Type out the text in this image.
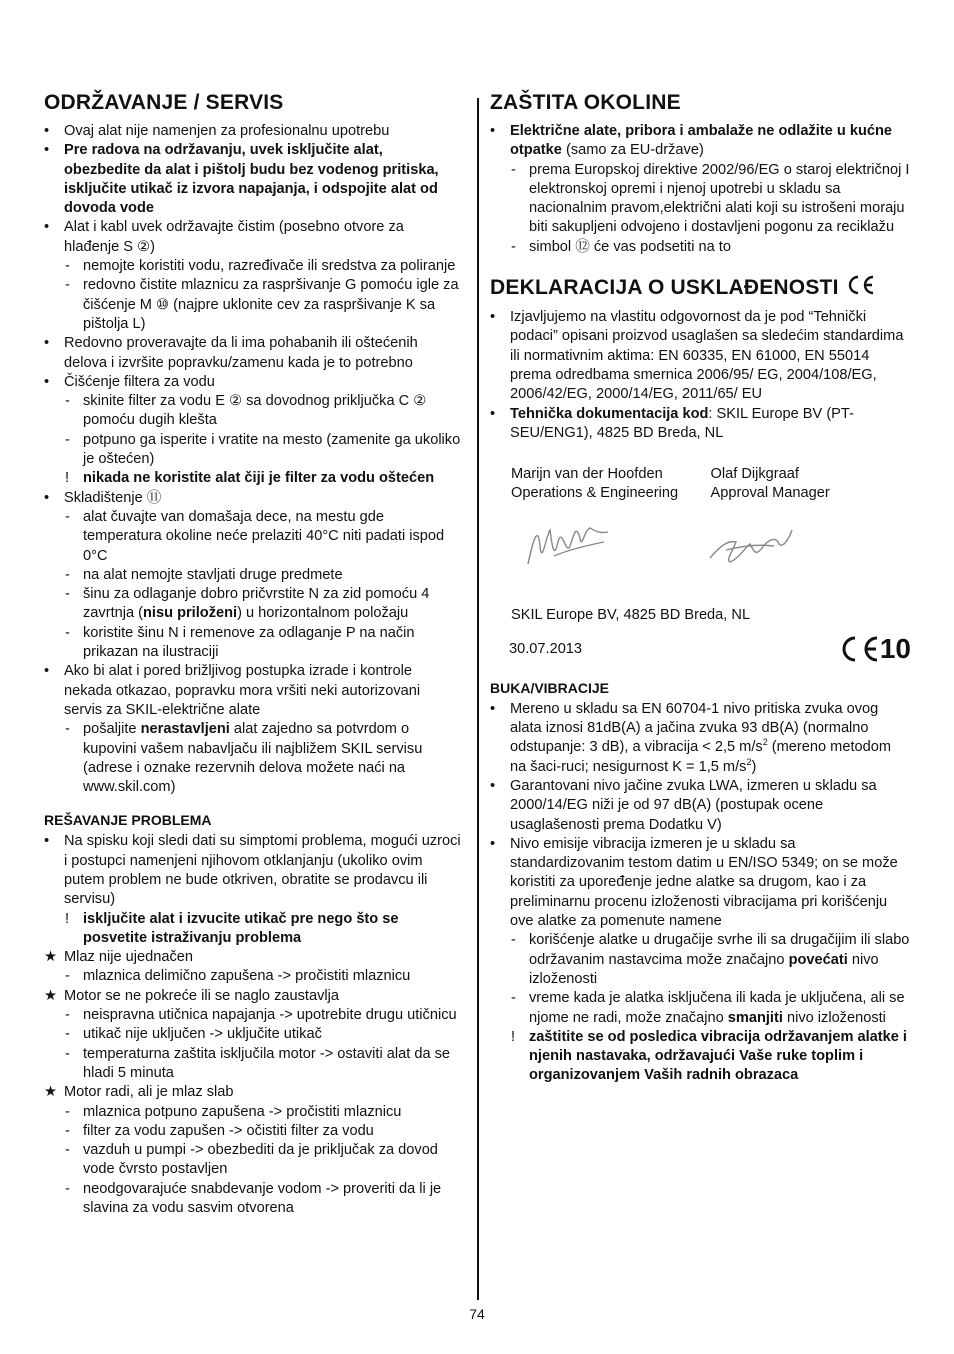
ODRŽAVANJE / SERVIS
• Ovaj alat nije namenjen za profesionalnu upotrebu
• Pre radova na održavanju, uvek isključite alat, obezbedite da alat i pištolj budu bez vodenog pritiska, isključite utikač iz izvora napajanja, i odspojite alat od dovoda vode
• Alat i kabl uvek održavajte čistim (posebno otvore za hlađenje S ②)
- nemojte koristiti vodu, razređivače ili sredstva za poliranje
- redovno čistite mlaznicu za raspršivanje G pomoću igle za čišćenje M ⑩ (najpre uklonite cev za raspršivanje K sa pištolja L)
• Redovno proveravajte da li ima pohabanih ili oštećenih delova i izvršite popravku/zamenu kada je to potrebno
• Čišćenje filtera za vodu
- skinite filter za vodu E ② sa dovodnog priključka C ② pomoću dugih klešta
- potpuno ga isperite i vratite na mesto (zamenite ga ukoliko je oštećen)
! nikada ne koristite alat čiji je filter za vodu oštećen
• Skladištenje ⑪
- alat čuvajte van domašaja dece, na mestu gde temperatura okoline neće prelaziti 40°C niti padati ispod 0°C
- na alat nemojte stavljati druge predmete
- šinu za odlaganje dobro pričvrstite N za zid pomoću 4 zavrtnja (nisu priloženi) u horizontalnom položaju
- koristite šinu N i remenove za odlaganje P na način prikazan na ilustraciji
• Ako bi alat i pored brižljivog postupka izrade i kontrole nekada otkazao, popravku mora vršiti neki autorizovani servis za SKIL-električne alate
- pošaljite nerastavljeni alat zajedno sa potvrdom o kupovini vašem nabavljaču ili najbližem SKIL servisu (adrese i oznake rezervnih delova možete naći na www.skil.com)
REŠAVANJE PROBLEMA
• Na spisku koji sledi dati su simptomi problema, mogući uzroci i postupci namenjeni njihovom otklanjanju (ukoliko ovim putem problem ne bude otkriven, obratite se prodavcu ili servisu)
! isključite alat i izvucite utikač pre nego što se posvetite istraživanju problema
★ Mlaz nije ujednačen
- mlaznica delimično zapušena -> pročistiti mlaznicu
★ Motor se ne pokreće ili se naglo zaustavlja
- neispravna utičnica napajanja -> upotrebite drugu utičnicu
- utikač nije uključen -> uključite utikač
- temperaturna zaštita isključila motor -> ostaviti alat da se hladi 5 minuta
★ Motor radi, ali je mlaz slab
- mlaznica potpuno zapušena -> pročistiti mlaznicu
- filter za vodu zapušen -> očistiti filter za vodu
- vazduh u pumpi -> obezbediti da je priključak za dovod vode čvrsto postavljen
- neodgovarajuće snabdevanje vodom -> proveriti da li je slavina za vodu sasvim otvorena
ZAŠTITA OKOLINE
• Električne alate, pribora i ambalaže ne odlažite u kućne otpatke (samo za EU-države)
- prema Europskoj direktive 2002/96/EG o staroj električnoj I elektronskoj opremi i njenoj upotrebi u skladu sa nacionalnim pravom,električni alati koji su istrošeni moraju biti sakupljeni odvojeno i dostavljeni pogonu za reciklažu
- simbol ⑫ će vas podsetiti na to
DEKLARACIJA O USKLAĐENOSTI
• Izjavljujemo na vlastitu odgovornost da je pod “Tehnički podaci” opisani proizvod usaglašen sa sledećim standardima ili normativnim aktima: EN 60335, EN 61000, EN 55014 prema odredbama smernica 2006/95/ EG, 2004/108/EG, 2006/42/EG, 2000/14/EG, 2011/65/ EU
• Tehnička dokumentacija kod: SKIL Europe BV (PT-SEU/ENG1), 4825 BD Breda, NL
Marijn van der Hoofden
Operations & Engineering
Olaf Dijkgraaf
Approval Manager
SKIL Europe BV, 4825 BD Breda, NL
30.07.2013	10
BUKA/VIBRACIJE
• Mereno u skladu sa EN 60704-1 nivo pritiska zvuka ovog alata iznosi 81dB(A) a jačina zvuka 93 dB(A) (normalno odstupanje: 3 dB), a vibracija < 2,5 $m/s^2$ (mereno metodom na šaci-ruci; nesigurnost K = 1,5 $m/s^2$)
• Garantovani nivo jačine zvuka LWA, izmeren u skladu sa 2000/14/EG niži je od 97 dB(A) (postupak ocene usaglašenosti prema Dodatku V)
• Nivo emisije vibracija izmeren je u skladu sa standardizovanim testom datim u EN/ISO 5349; on se može koristiti za upoređenje jedne alatke sa drugom, kao i za preliminarnu procenu izloženosti vibracijama pri korišćenju ove alatke za pomenute namene
- korišćenje alatke u drugačije svrhe ili sa drugačijim ili slabo održavanim nastavcima može značajno povećati nivo izloženosti
- vreme kada je alatka isključena ili kada je uključena, ali se njome ne radi, može značajno smanjiti nivo izloženosti
! zaštitite se od posledica vibracija održavanjem alatke i njenih nastavaka, održavajući Vaše ruke toplim i organizovanjem Vaših radnih obrazaca
74
